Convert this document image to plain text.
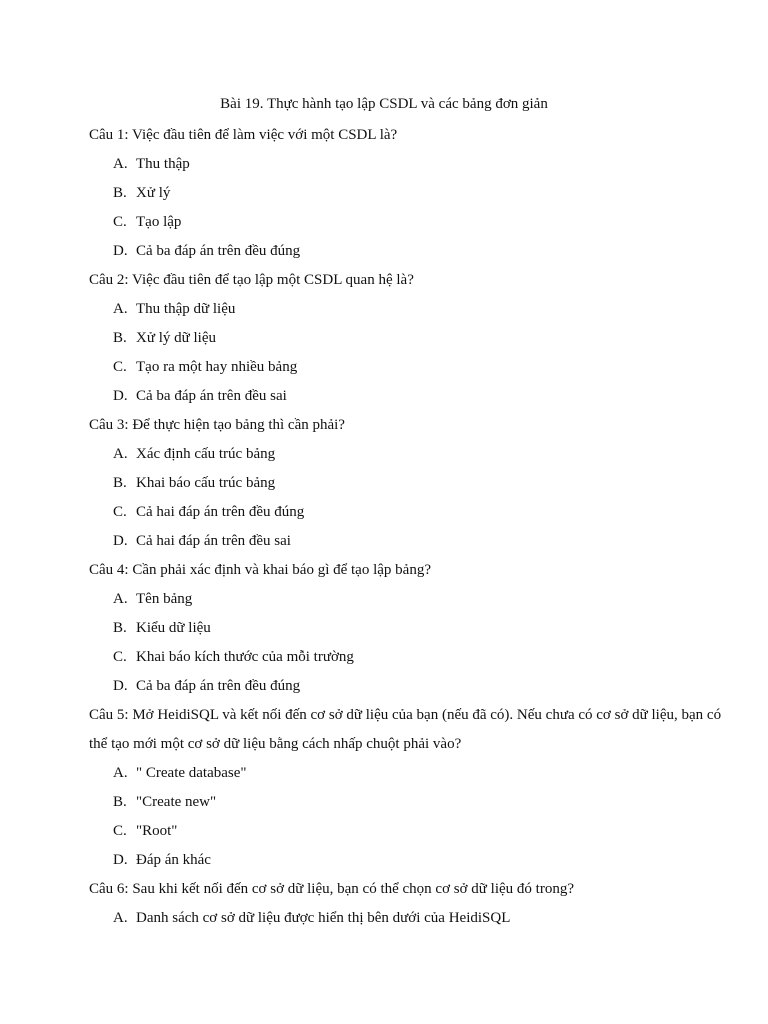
Bài 19. Thực hành tạo lập CSDL và các bảng đơn giản

Câu 1: Việc đầu tiên để làm việc với một CSDL là?

A. Thu thập
B. Xử lý
C. Tạo lập
D. Cả ba đáp án trên đều đúng

Câu 2: Việc đầu tiên để tạo lập một CSDL quan hệ là?

A. Thu thập dữ liệu
B. Xử lý dữ liệu
C. Tạo ra một hay nhiều bảng
D. Cả ba đáp án trên đều sai

Câu 3: Để thực hiện tạo bảng thì cần phải?

A. Xác định cấu trúc bảng
B. Khai báo cấu trúc bảng
C. Cả hai đáp án trên đều đúng
D. Cả hai đáp án trên đều sai

Câu 4: Cần phải xác định và khai báo gì để tạo lập bảng?

A. Tên bảng
B. Kiểu dữ liệu
C. Khai báo kích thước của mỗi trường
D. Cả ba đáp án trên đều đúng

Câu 5: Mở HeidiSQL và kết nối đến cơ sở dữ liệu của bạn (nếu đã có). Nếu chưa có cơ sở dữ liệu, bạn có thể tạo mới một cơ sở dữ liệu bằng cách nhấp chuột phải vào?

A. " Create database"
B. "Create new"
C. "Root"
D. Đáp án khác

Câu 6: Sau khi kết nối đến cơ sở dữ liệu, bạn có thể chọn cơ sở dữ liệu đó trong?

A. Danh sách cơ sở dữ liệu được hiển thị bên dưới của HeidiSQL
